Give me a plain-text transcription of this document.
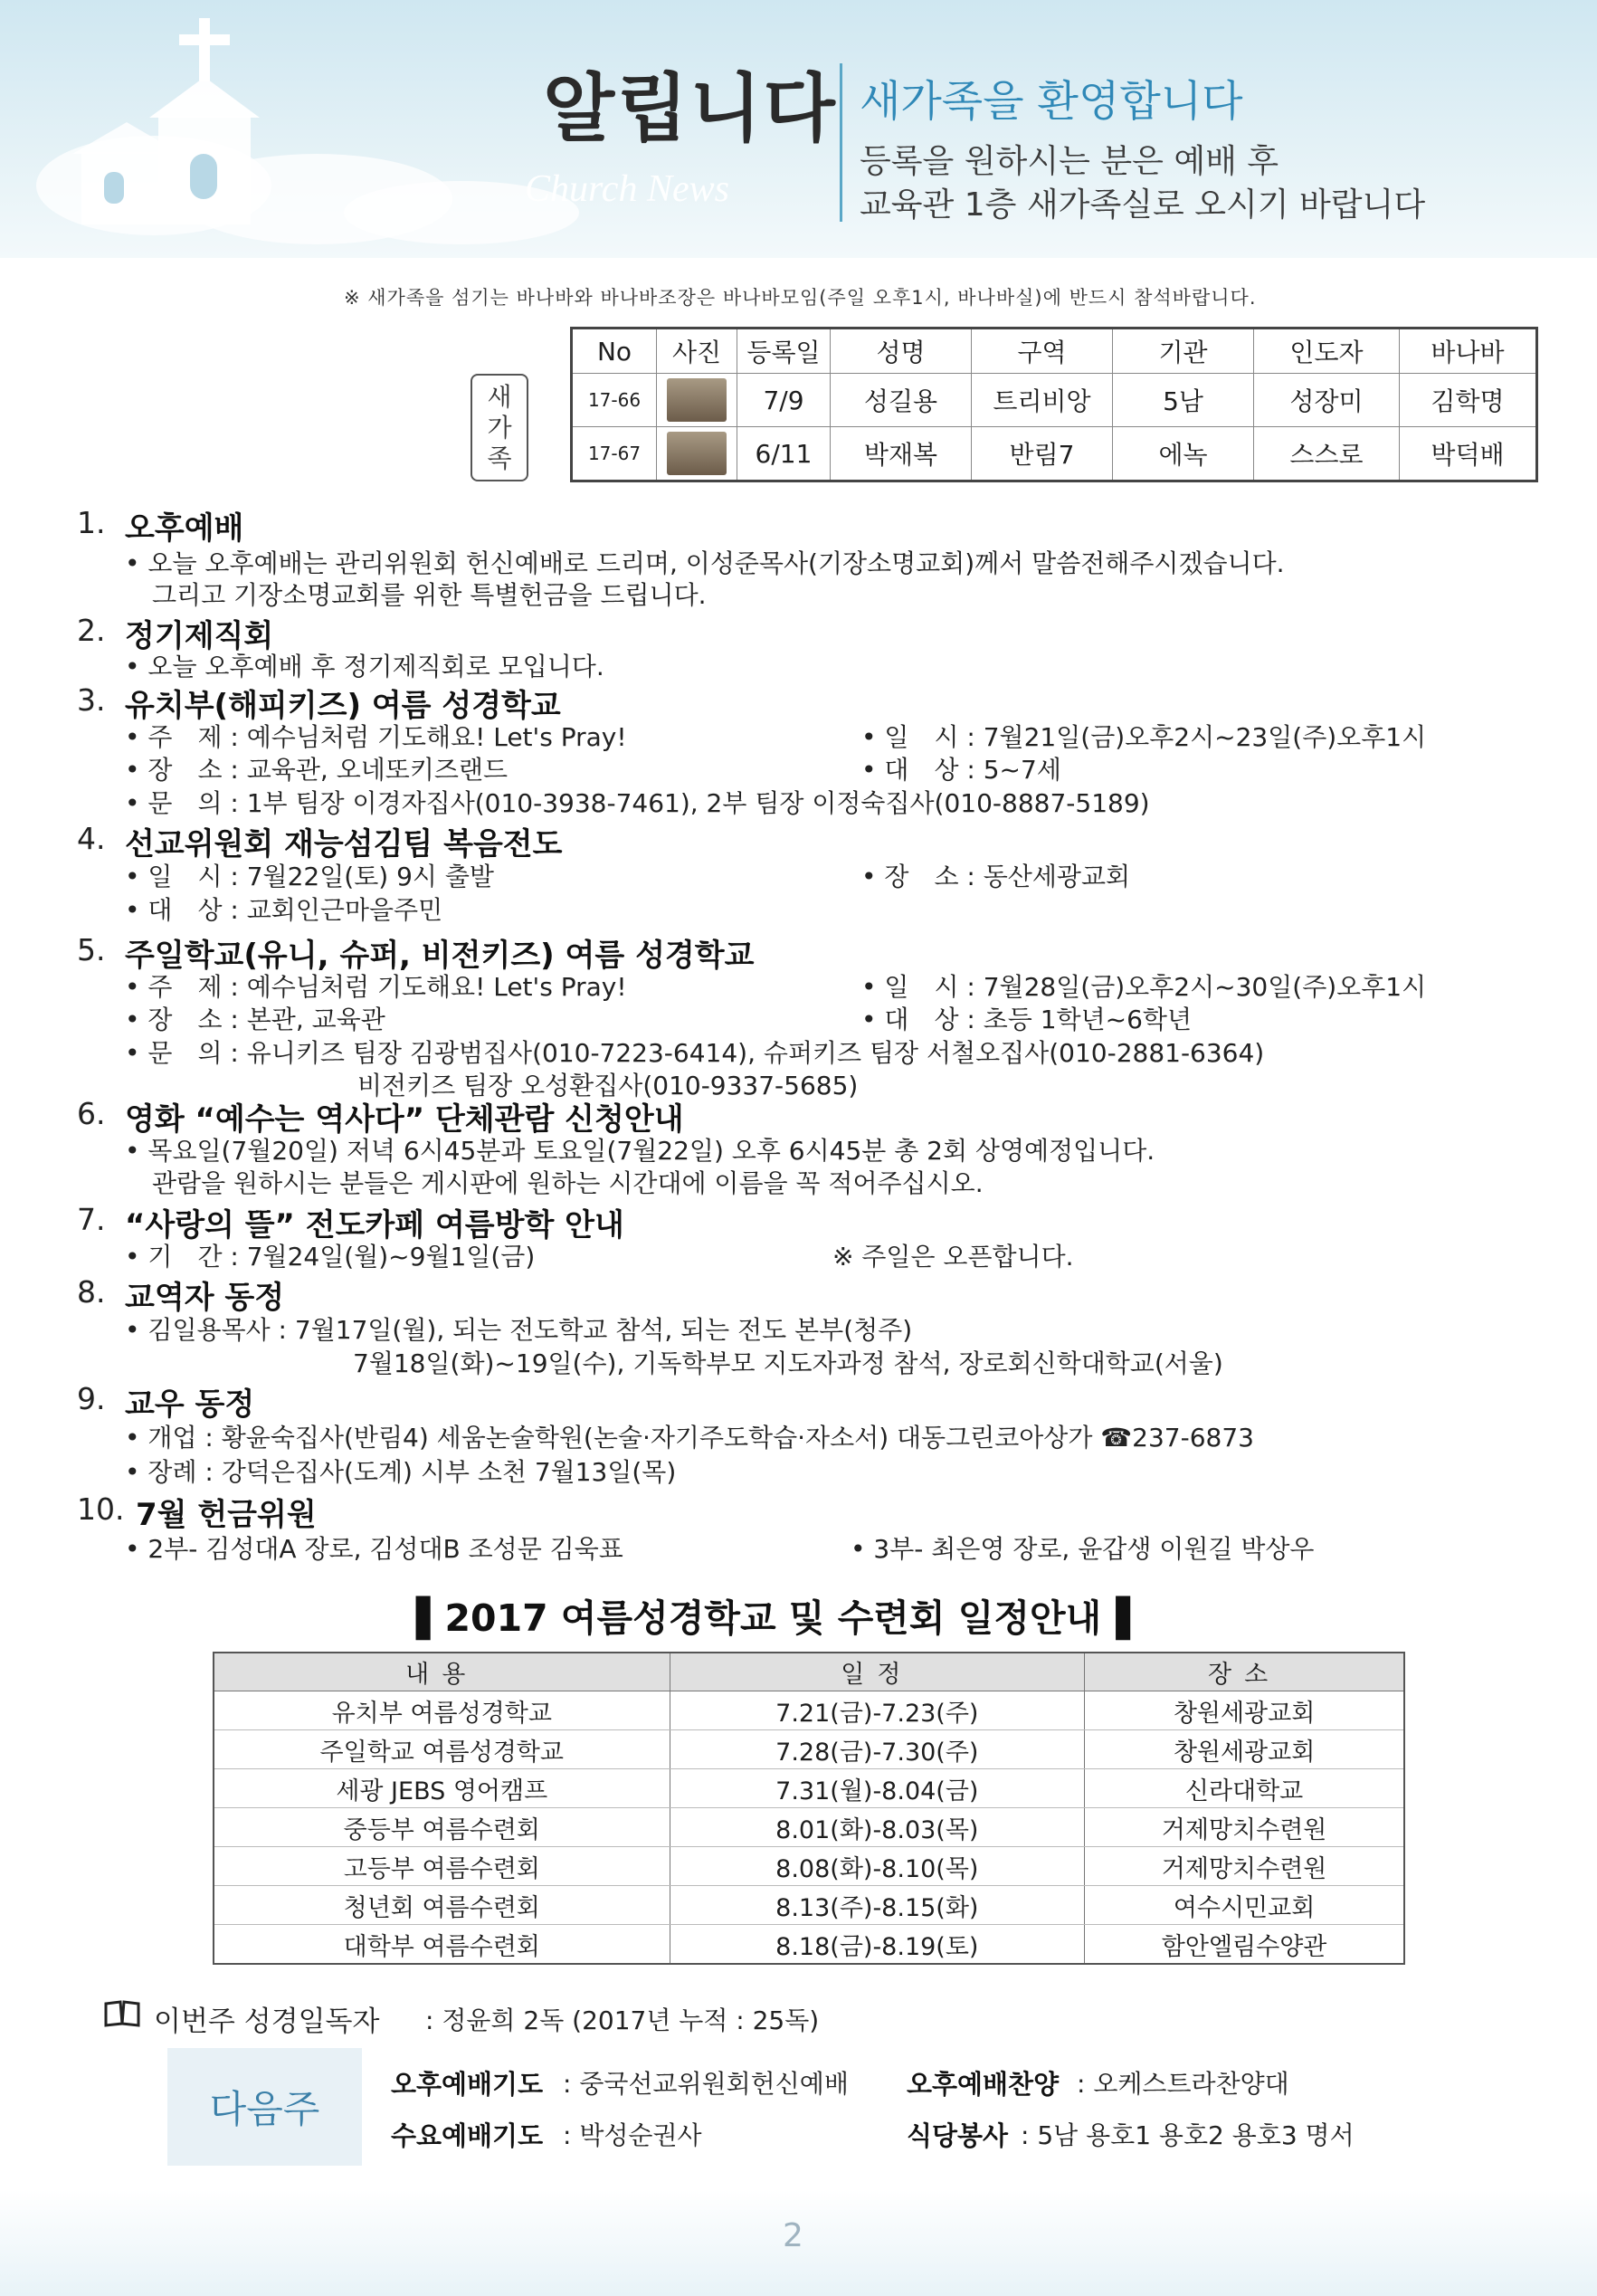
알립니다
Church News
새가족을 환영합니다
등록을 원하시는 분은 예배 후
교육관 1층 새가족실로 오시기 바랍니다
※ 새가족을 섬기는 바나바와 바나바조장은 바나바모임(주일 오후1시, 바나바실)에 반드시 참석바랍니다.
새
가
족
No	사진	등록일	성명	구역	기관	인도자	바나바
17-66		7/9	성길용	트리비앙	5남	성장미	김학명
17-67		6/11	박재복	반림7	에녹	스스로	박덕배
1. 오후예배
• 오늘 오후예배는 관리위원회 헌신예배로 드리며, 이성준목사(기장소명교회)께서 말씀전해주시겠습니다.
그리고 기장소명교회를 위한 특별헌금을 드립니다.
2. 정기제직회
• 오늘 오후예배 후 정기제직회로 모입니다.
3. 유치부(해피키즈) 여름 성경학교
• 주　제 : 예수님처럼 기도해요! Let's Pray!	• 일　시 : 7월21일(금)오후2시~23일(주)오후1시
• 장　소 : 교육관, 오네또키즈랜드	• 대　상 : 5~7세
• 문　의 : 1부 팀장 이경자집사(010-3938-7461), 2부 팀장 이정숙집사(010-8887-5189)
4. 선교위원회 재능섬김팀 복음전도
• 일　시 : 7월22일(토) 9시 출발	• 장　소 : 동산세광교회
• 대　상 : 교회인근마을주민
5. 주일학교(유니, 슈퍼, 비전키즈) 여름 성경학교
• 주　제 : 예수님처럼 기도해요! Let's Pray!	• 일　시 : 7월28일(금)오후2시~30일(주)오후1시
• 장　소 : 본관, 교육관	• 대　상 : 초등 1학년~6학년
• 문　의 : 유니키즈 팀장 김광범집사(010-7223-6414), 슈퍼키즈 팀장 서철오집사(010-2881-6364)
비전키즈 팀장 오성환집사(010-9337-5685)
6. 영화 “예수는 역사다” 단체관람 신청안내
• 목요일(7월20일) 저녁 6시45분과 토요일(7월22일) 오후 6시45분 총 2회 상영예정입니다.
관람을 원하시는 분들은 게시판에 원하는 시간대에 이름을 꼭 적어주십시오.
7. “사랑의 뜰” 전도카페 여름방학 안내
• 기　간 : 7월24일(월)~9월1일(금)	※ 주일은 오픈합니다.
8. 교역자 동정
• 김일용목사 : 7월17일(월), 되는 전도학교 참석, 되는 전도 본부(청주)
7월18일(화)~19일(수), 기독학부모 지도자과정 참석, 장로회신학대학교(서울)
9. 교우 동정
• 개업 : 황윤숙집사(반림4) 세움논술학원(논술·자기주도학습·자소서) 대동그린코아상가 ☎237-6873
• 장례 : 강덕은집사(도계) 시부 소천 7월13일(목)
10. 7월 헌금위원
• 2부- 김성대A 장로, 김성대B 조성문 김욱표	• 3부- 최은영 장로, 윤갑생 이원길 박상우
▌2017 여름성경학교 및 수련회 일정안내▐
내용	일정	장소
유치부 여름성경학교	7.21(금)-7.23(주)	창원세광교회
주일학교 여름성경학교	7.28(금)-7.30(주)	창원세광교회
세광 JEBS 영어캠프	7.31(월)-8.04(금)	신라대학교
중등부 여름수련회	8.01(화)-8.03(목)	거제망치수련원
고등부 여름수련회	8.08(화)-8.10(목)	거제망치수련원
청년회 여름수련회	8.13(주)-8.15(화)	여수시민교회
대학부 여름수련회	8.18(금)-8.19(토)	함안엘림수양관
이번주 성경일독자 : 정윤희 2독 (2017년 누적 : 25독)
다음주
오후예배기도 : 중국선교위원회헌신예배 오후예배찬양 : 오케스트라찬양대
수요예배기도 : 박성순권사	식당봉사 : 5남 용호1 용호2 용호3 명서
2
